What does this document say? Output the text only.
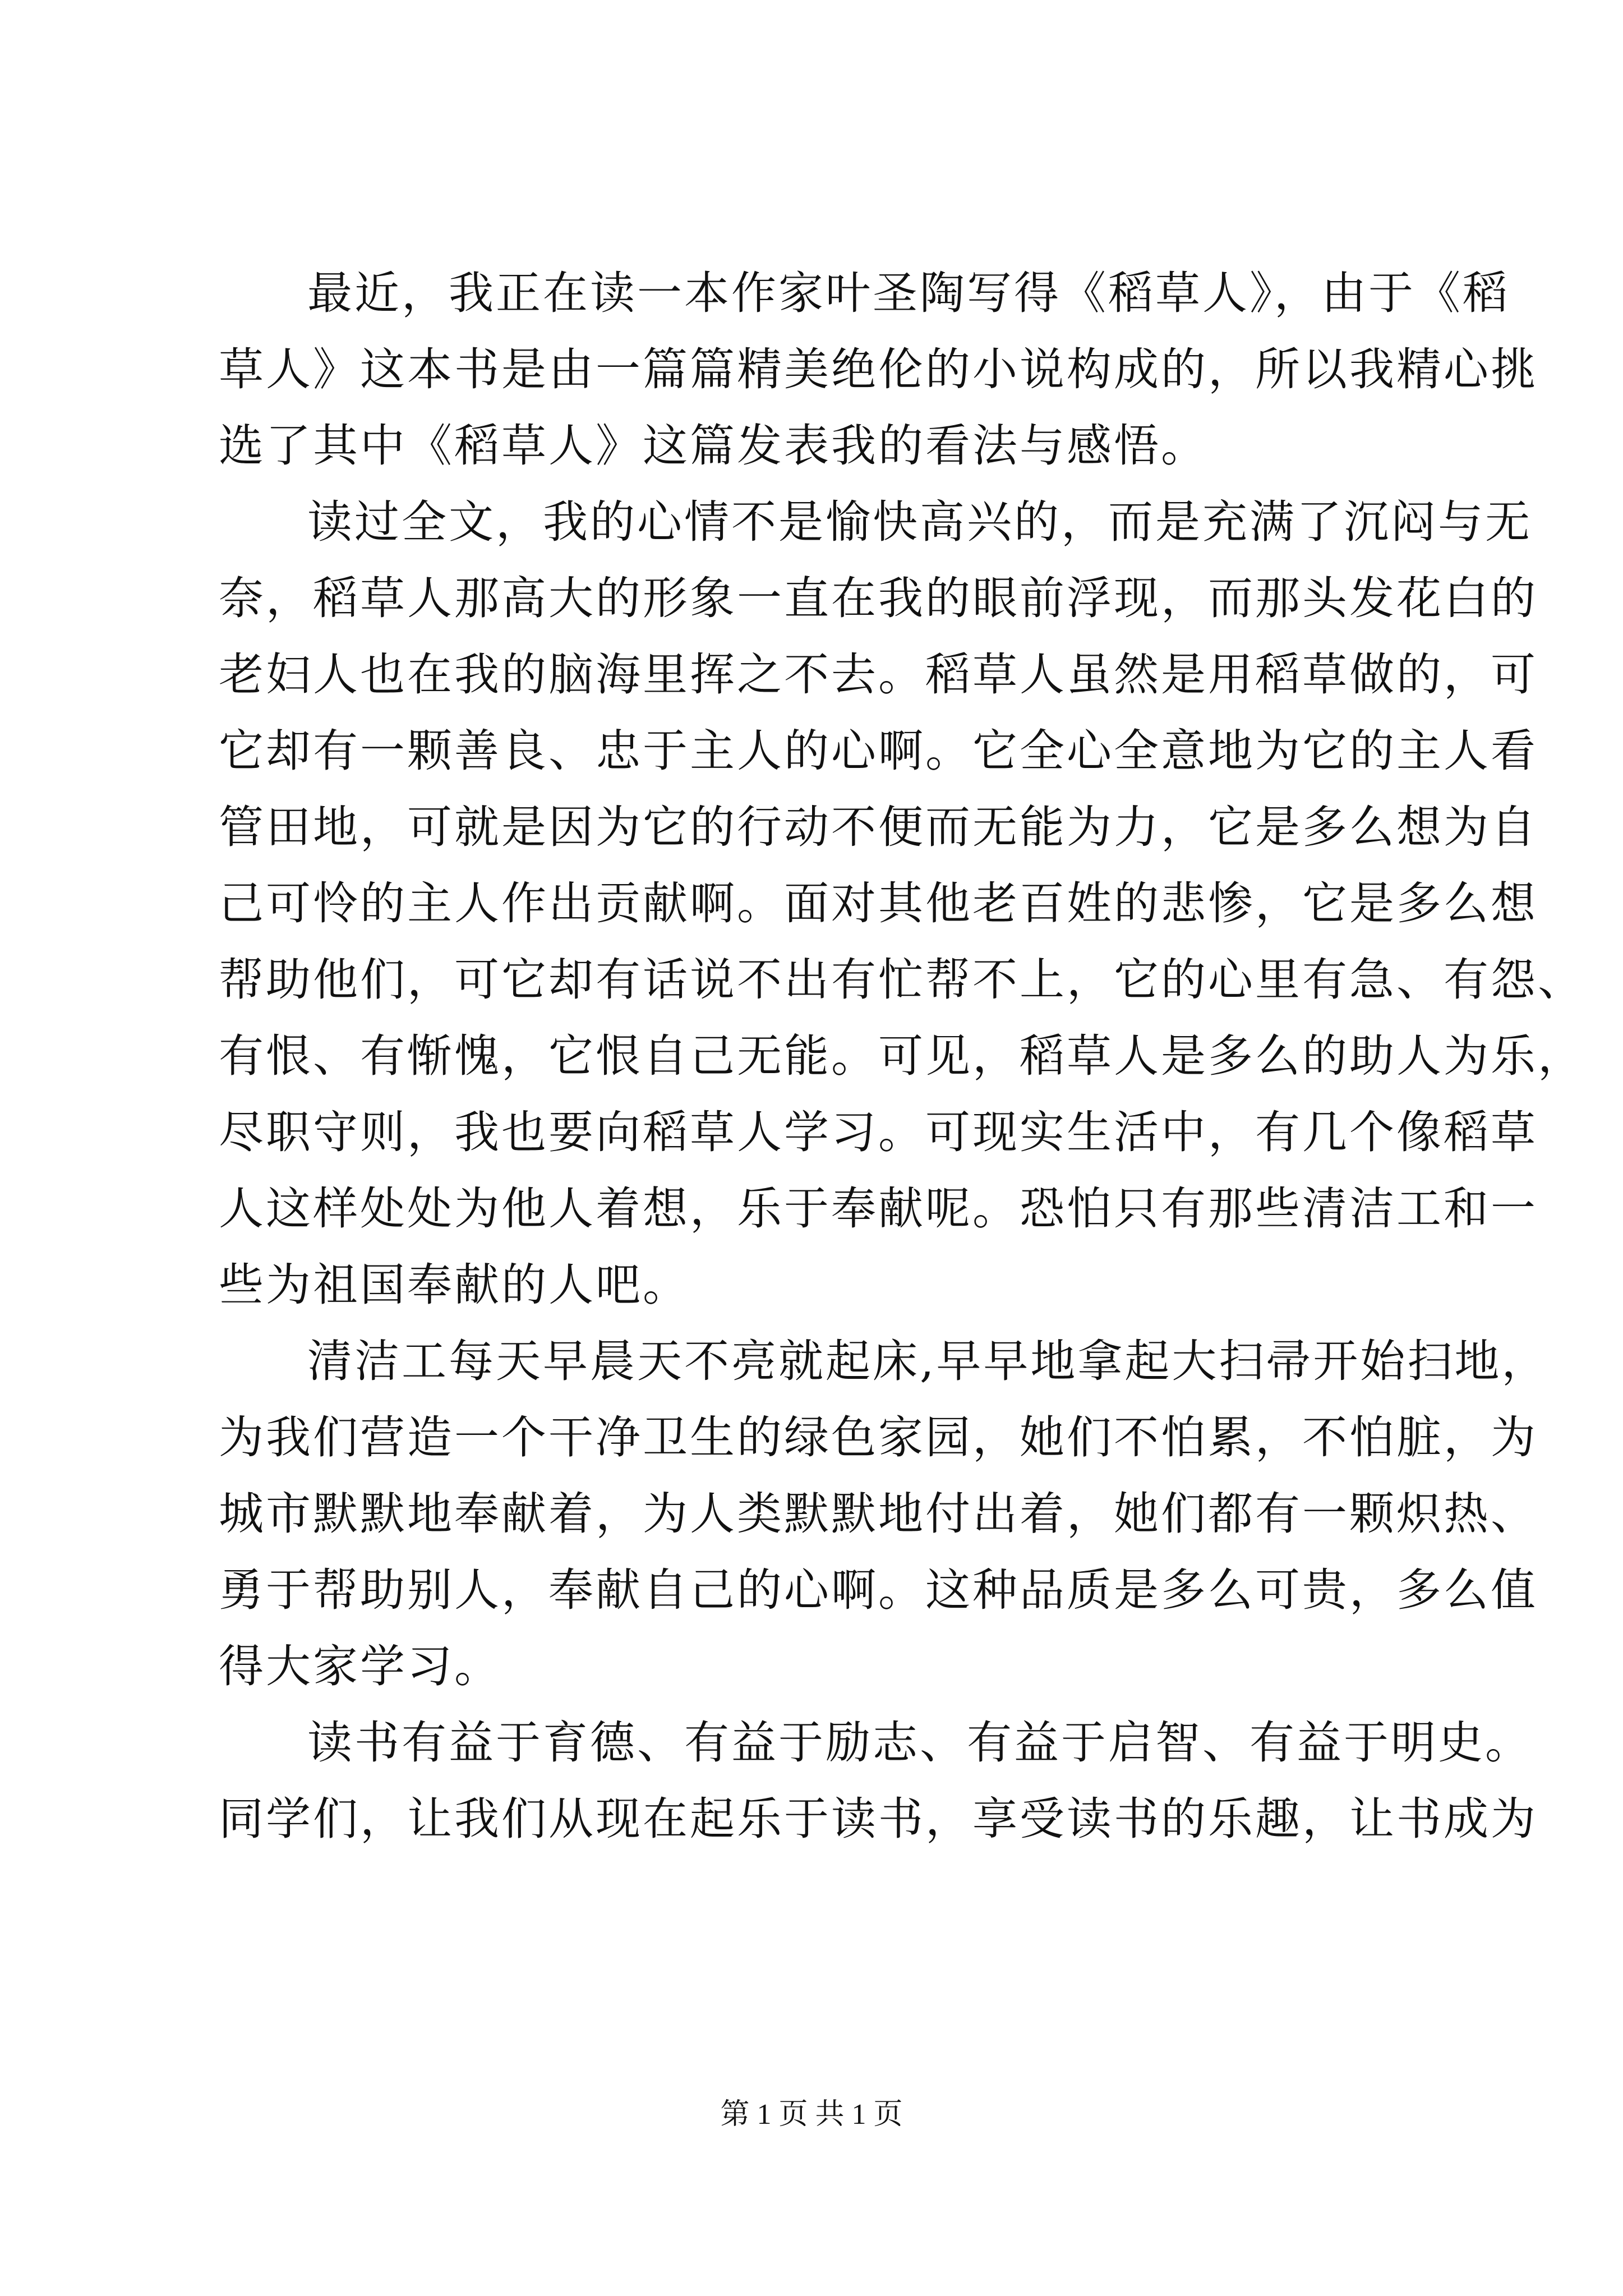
最近，我正在读一本作家叶圣陶写得《稻草人》，由于《稻
草人》这本书是由一篇篇精美绝伦的小说构成的，所以我精心挑
选了其中《稻草人》这篇发表我的看法与感悟。
读过全文，我的心情不是愉快高兴的，而是充满了沉闷与无
奈，稻草人那高大的形象一直在我的眼前浮现，而那头发花白的
老妇人也在我的脑海里挥之不去。稻草人虽然是用稻草做的，可
它却有一颗善良、忠于主人的心啊。它全心全意地为它的主人看
管田地，可就是因为它的行动不便而无能为力，它是多么想为自
己可怜的主人作出贡献啊。面对其他老百姓的悲惨，它是多么想
帮助他们，可它却有话说不出有忙帮不上，它的心里有急、有怨、
有恨、有惭愧，它恨自己无能。可见，稻草人是多么的助人为乐，
尽职守则，我也要向稻草人学习。可现实生活中，有几个像稻草
人这样处处为他人着想，乐于奉献呢。恐怕只有那些清洁工和一
些为祖国奉献的人吧。
清洁工每天早晨天不亮就起床,早早地拿起大扫帚开始扫地，
为我们营造一个干净卫生的绿色家园，她们不怕累，不怕脏，为
城市默默地奉献着，为人类默默地付出着，她们都有一颗炽热、
勇于帮助别人，奉献自己的心啊。这种品质是多么可贵，多么值
得大家学习。
读书有益于育德、有益于励志、有益于启智、有益于明史。
同学们，让我们从现在起乐于读书，享受读书的乐趣，让书成为
第 1 页 共 1 页
